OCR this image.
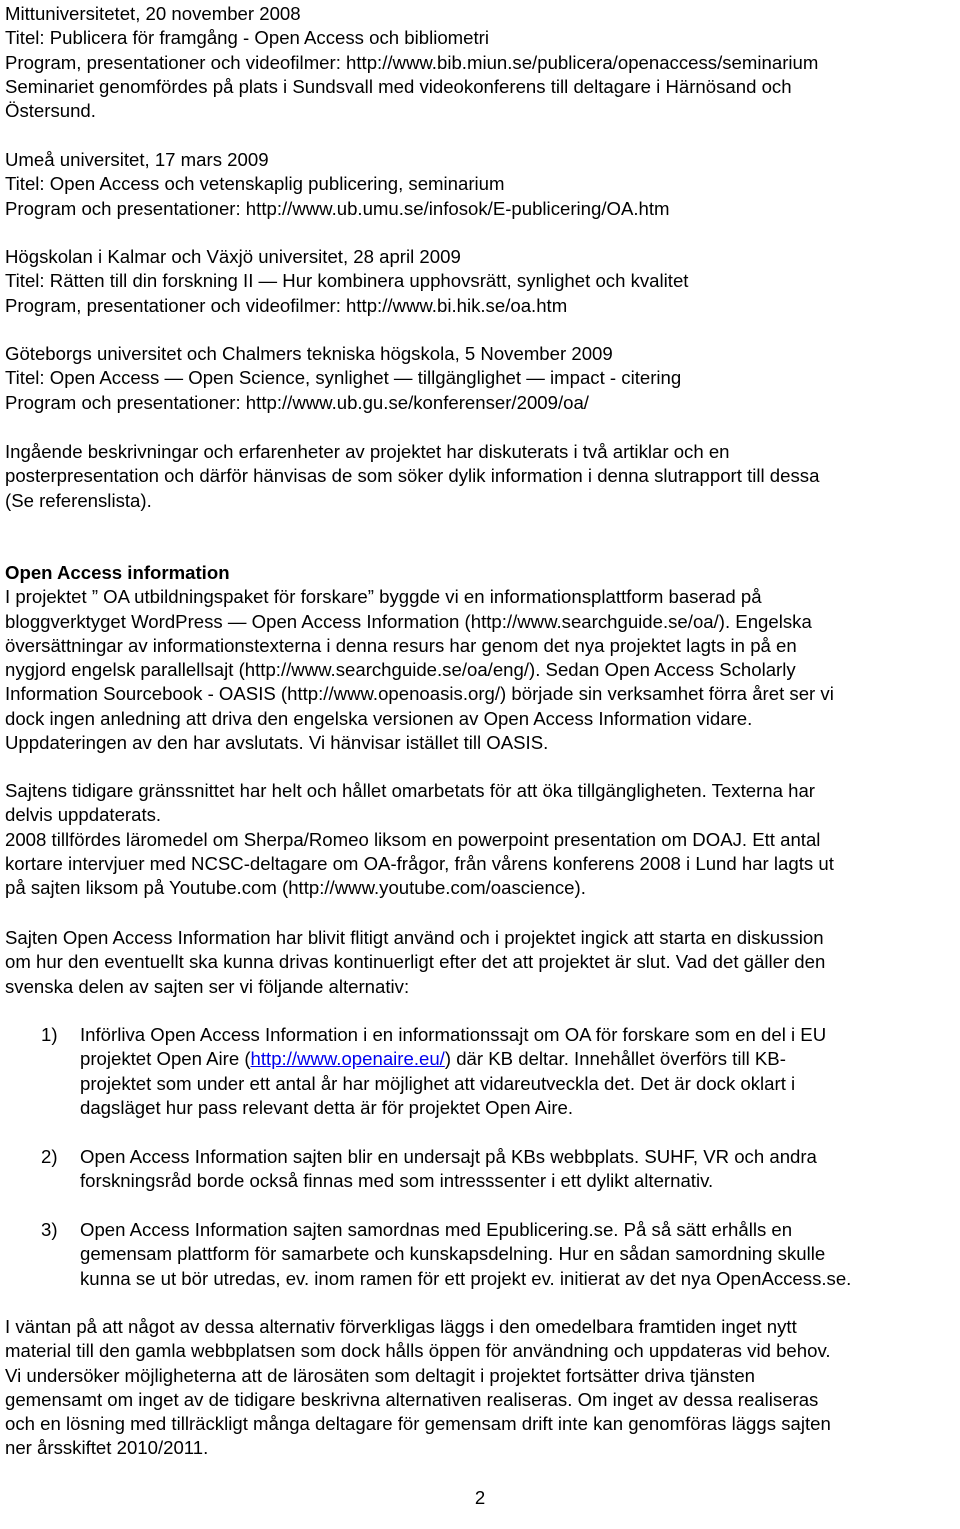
Mittuniversitetet, 20 november 2008

Titel: Publicera för framgång - Open Access och bibliometri

Program, presentationer och videofilmer: http://www.bib.miun.se/publicera/openaccess/seminarium

Seminariet genomfördes på plats i Sundsvall med videokonferens till deltagare i Härnösand och

Östersund.

Umeå universitet, 17 mars 2009

Titel: Open Access och vetenskaplig publicering, seminarium

Program och presentationer: http://www.ub.umu.se/infosok/E-publicering/OA.htm

Högskolan i Kalmar och Växjö universitet, 28 april 2009

Titel: Rätten till din forskning II — Hur kombinera upphovsrätt, synlighet och kvalitet

Program, presentationer och videofilmer: http://www.bi.hik.se/oa.htm

Göteborgs universitet och Chalmers tekniska högskola, 5 November 2009

Titel: Open Access — Open Science, synlighet — tillgänglighet — impact - citering

Program och presentationer: http://www.ub.gu.se/konferenser/2009/oa/

Ingående beskrivningar och erfarenheter av projektet har diskuterats i två artiklar och en

posterpresentation och därför hänvisas de som söker dylik information i denna slutrapport till dessa

(Se referenslista).

Open Access information

I projektet ” OA utbildningspaket för forskare” byggde vi en informationsplattform baserad på

bloggverktyget WordPress — Open Access Information (http://www.searchguide.se/oa/). Engelska

översättningar av informationstexterna i denna resurs har genom det nya projektet lagts in på en

nygjord engelsk parallellsajt (http://www.searchguide.se/oa/eng/). Sedan Open Access Scholarly

Information Sourcebook - OASIS (http://www.openoasis.org/) började sin verksamhet förra året ser vi

dock ingen anledning att driva den engelska versionen av Open Access Information vidare.

Uppdateringen av den har avslutats. Vi hänvisar istället till OASIS.

Sajtens tidigare gränssnittet har helt och hållet omarbetats för att öka tillgängligheten. Texterna har

delvis uppdaterats.

2008 tillfördes läromedel om Sherpa/Romeo liksom en powerpoint presentation om DOAJ. Ett antal

kortare intervjuer med NCSC-deltagare om OA-frågor, från vårens konferens 2008 i Lund har lagts ut

på sajten liksom på Youtube.com (http://www.youtube.com/oascience).

Sajten Open Access Information har blivit flitigt använd och i projektet ingick att starta en diskussion

om hur den eventuellt ska kunna drivas kontinuerligt efter det att projektet är slut. Vad det gäller den

svenska delen av sajten ser vi följande alternativ:

1) Införliva Open Access Information i en informationssajt om OA för forskare som en del i EU

projektet Open Aire (http://www.openaire.eu/) där KB deltar. Innehållet överförs till KB-

projektet som under ett antal år har möjlighet att vidareutveckla det. Det är dock oklart i

dagsläget hur pass relevant detta är för projektet Open Aire.

2) Open Access Information sajten blir en undersajt på KBs webbplats. SUHF, VR och andra

forskningsråd borde också finnas med som intresssenter i ett dylikt alternativ.

3) Open Access Information sajten samordnas med Epublicering.se. På så sätt erhålls en

gemensam plattform för samarbete och kunskapsdelning. Hur en sådan samordning skulle

kunna se ut bör utredas, ev. inom ramen för ett projekt ev. initierat av det nya OpenAccess.se.

I väntan på att något av dessa alternativ förverkligas läggs i den omedelbara framtiden inget nytt

material till den gamla webbplatsen som dock hålls öppen för användning och uppdateras vid behov.

Vi undersöker möjligheterna att de lärosäten som deltagit i projektet fortsätter driva tjänsten

gemensamt om inget av de tidigare beskrivna alternativen realiseras. Om inget av dessa realiseras

och en lösning med tillräckligt många deltagare för gemensam drift inte kan genomföras läggs sajten

ner årsskiftet 2010/2011.

2
